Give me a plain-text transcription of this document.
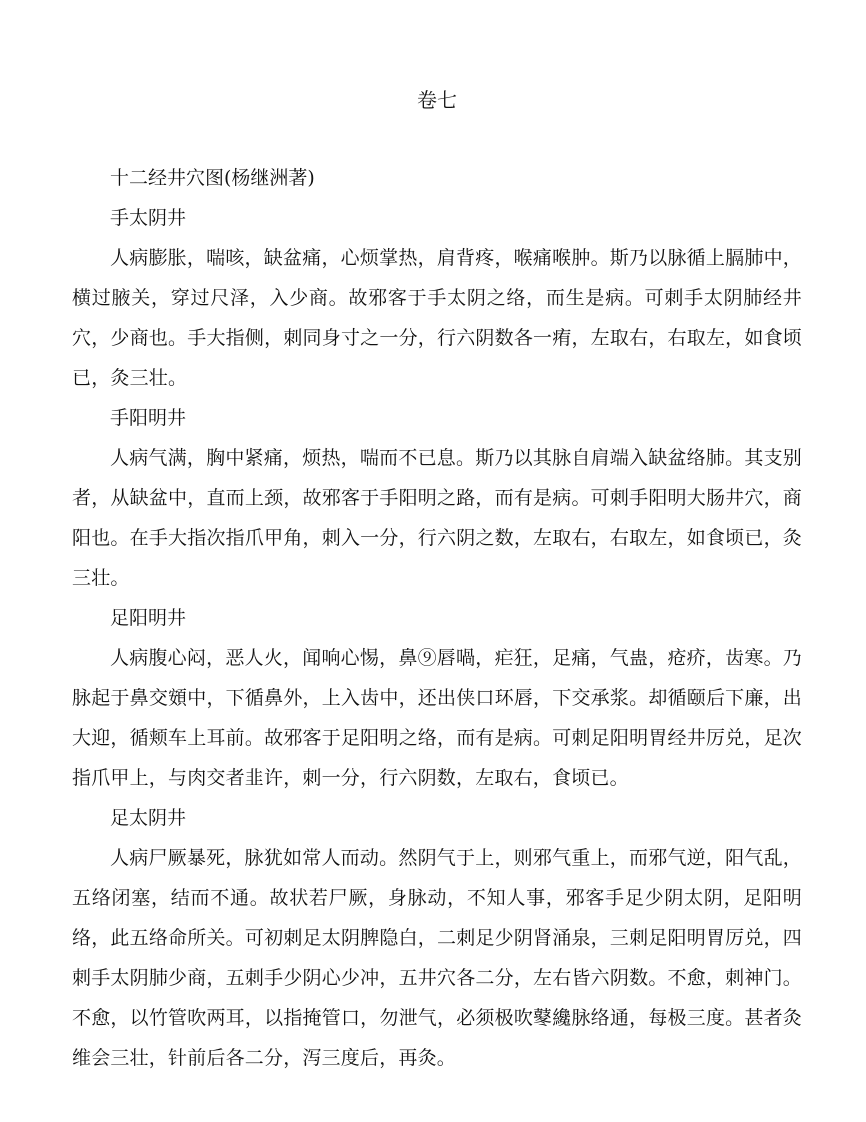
卷七

十二经井穴图(杨继洲著)

手太阴井

人病膨胀，喘咳，缺盆痛，心烦掌热，肩背疼，喉痛喉肿。斯乃以脉循上膈肺中，横过腋关，穿过尺泽，入少商。故邪客于手太阴之络，而生是病。可刺手太阴肺经井穴，少商也。手大指侧，刺同身寸之一分，行六阴数各一痏，左取右，右取左，如食顷已，灸三壮。

手阳明井

人病气满，胸中紧痛，烦热，喘而不已息。斯乃以其脉自肩端入缺盆络肺。其支别者，从缺盆中，直而上颈，故邪客于手阳明之路，而有是病。可刺手阳明大肠井穴，商阳也。在手大指次指爪甲角，刺入一分，行六阴之数，左取右，右取左，如食顷已，灸三壮。

足阳明井

人病腹心闷，恶人火，闻响心惕，鼻⑨唇喎，疟狂，足痛，气蛊，疮疥，齿寒。乃脉起于鼻交頞中，下循鼻外，上入齿中，还出侠口环唇，下交承浆。却循颐后下廉，出大迎，循颊车上耳前。故邪客于足阳明之络，而有是病。可刺足阳明胃经井厉兑，足次指爪甲上，与肉交者韭许，刺一分，行六阴数，左取右，食顷已。

足太阴井

人病尸厥暴死，脉犹如常人而动。然阴气于上，则邪气重上，而邪气逆，阳气乱，五络闭塞，结而不通。故状若尸厥，身脉动，不知人事，邪客手足少阴太阴，足阳明络，此五络命所关。可初刺足太阴脾隐白，二刺足少阴肾涌泉，三刺足阳明胃厉兑，四刺手太阴肺少商，五刺手少阴心少冲，五井穴各二分，左右皆六阴数。不愈，刺神门。不愈，以竹管吹两耳，以指掩管口，勿泄气，必须极吹鼕纔脉络通，每极三度。甚者灸维会三壮，针前后各二分，泻三度后，再灸。
